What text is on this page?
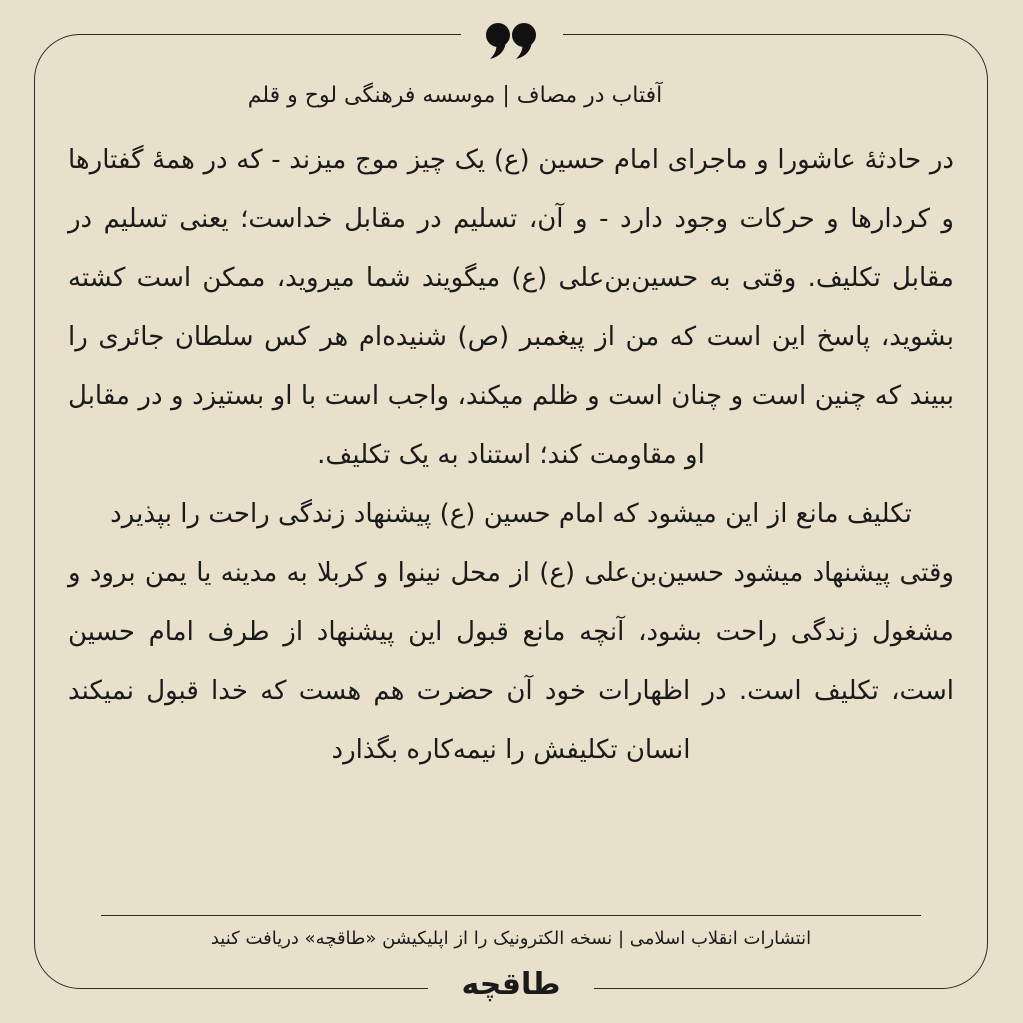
آفتاب در مصاف | موسسه فرهنگی لوح و قلم

در حادثهٔ عاشورا و ماجرای امام حسین (ع) یک چیز موج میزند - که در همهٔ گفتارها و کردارها و حرکات وجود دارد - و آن، تسلیم در مقابل خداست؛ یعنی تسلیم در مقابل تکلیف. وقتی به حسین‌بن‌علی (ع) میگویند شما میروید، ممکن است کشته بشوید، پاسخ این است که من از پیغمبر (ص) شنیده‌ام هر کس سلطان جائری را ببیند که چنین است و چنان است و ظلم میکند، واجب است با او بستیزد و در مقابل او مقاومت کند؛ استناد به یک تکلیف.

تکلیف مانع از این میشود که امام حسین (ع) پیشنهاد زندگی راحت را بپذیرد

وقتی پیشنهاد میشود حسین‌بن‌علی (ع) از محل نینوا و کربلا به مدینه یا یمن برود و مشغول زندگی راحت بشود، آنچه مانع قبول این پیشنهاد از طرف امام حسین است، تکلیف است. در اظهارات خود آن حضرت هم هست که خدا قبول نمیکند انسان تکلیفش را نیمه‌کاره بگذارد

انتشارات انقلاب اسلامی | نسخه الکترونیک را از اپلیکیشن «طاقچه» دریافت کنید
طاقچه
